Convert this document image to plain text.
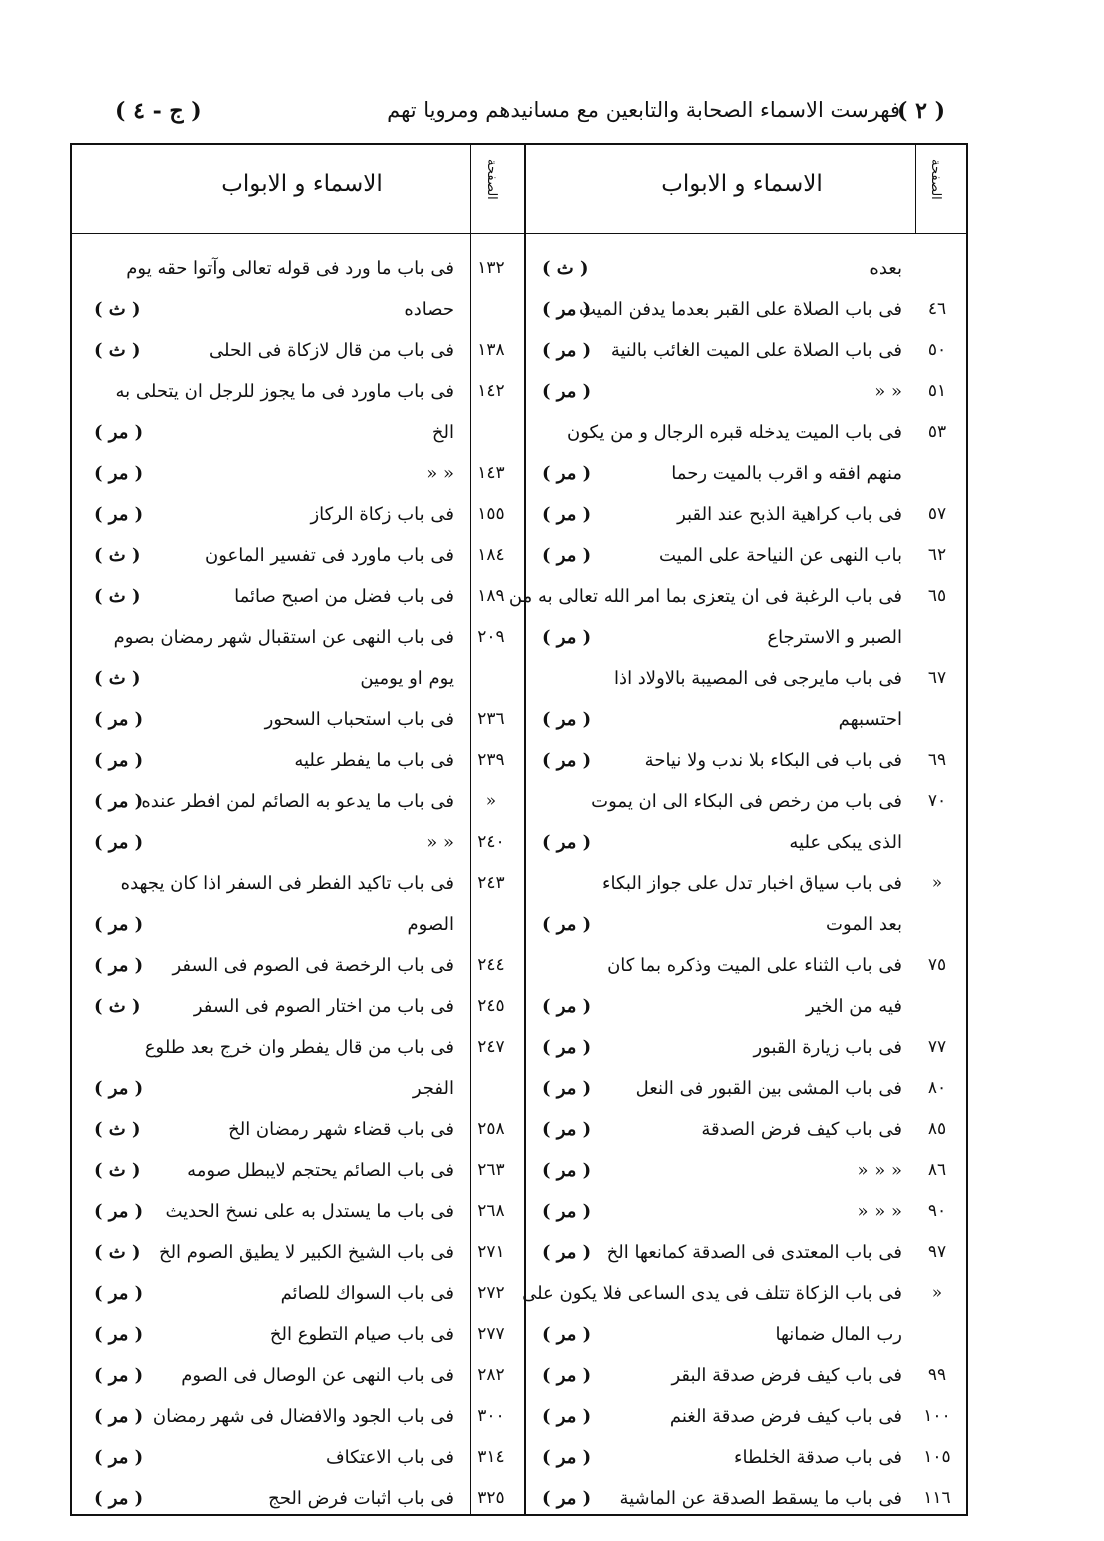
( ج - ٤ )	فهرست الاسماء الصحابة والتابعين مع مسانيدهم ومرويا تهم
( ۲ )
الصفحة
الاسماء و الابواب
الصفحة
الاسماء و الابواب
بعده
( ث )
٤٦
فی باب الصلاة علی القبر بعدما يدفن الميت
( مر )
٥٠
فی باب الصلاة علی الميت الغائب بالنية
( مر )
٥١
« «
( مر )
٥٣
فی باب الميت يدخله قبره الرجال و من يكون
منهم افقه و اقرب بالميت رحما
( مر )
٥٧
فی باب كراهية الذبح عند القبر
( مر )
٦٢
باب النهی عن النياحة علی الميت
( مر )
٦٥
فی باب الرغبة فی ان يتعزی بما امر الله تعالی به من
الصبر و الاسترجاع
( مر )
٦٧
فی باب مايرجی فی المصيبة بالاولاد اذا
احتسبهم
( مر )
٦٩
فی باب فی البكاء بلا ندب ولا نياحة
( مر )
٧٠
فی باب من رخص فی البكاء الی ان يموت
الذی يبكی عليه
( مر )
«
فی باب سياق اخبار تدل علی جواز البكاء
بعد الموت
( مر )
٧٥
فی باب الثناء علی الميت وذكره بما كان
فيه من الخير
( مر )
٧٧
فی باب زيارة القبور
( مر )
٨٠
فی باب المشی بين القبور فی النعل
( مر )
٨٥
فی باب كيف فرض الصدقة
( مر )
٨٦
« « «
( مر )
٩٠
« « «
( مر )
٩٧
فی باب المعتدی فی الصدقة كمانعها الخ
( مر )
«
فی باب الزكاة تتلف فی يدی الساعی فلا يكون علی
رب المال ضمانها
( مر )
٩٩
فی باب كيف فرض صدقة البقر
( مر )
١٠٠
فی باب كيف فرض صدقة الغنم
( مر )
١٠٥
فی باب صدقة الخلطاء
( مر )
١١٦
فی باب ما يسقط الصدقة عن الماشية
( مر )
١٣٢
فی باب ما ورد فی قوله تعالی وآتوا حقه يوم
حصاده
( ث )
١٣٨
فی باب من قال لازكاة فی الحلی
( ث )
١٤٢
فی باب ماورد فی ما يجوز للرجل ان يتحلی به
الخ
( مر )
١٤٣
« «
( مر )
١٥٥
فی باب زكاة الركاز
( مر )
١٨٤
فی باب ماورد فی تفسير الماعون
( ث )
١٨٩
فی باب فضل من اصبح صائما
( ث )
٢٠٩
فی باب النهی عن استقبال شهر رمضان بصوم
يوم او يومين
( ث )
٢٣٦
فی باب استحباب السحور
( مر )
٢٣٩
فی باب ما يفطر عليه
( مر )
«
فی باب ما يدعو به الصائم لمن افطر عنده
( مر )
٢٤٠
« «
( مر )
٢٤٣
فی باب تاكيد الفطر فی السفر اذا كان يجهده
الصوم
( مر )
٢٤٤
فی باب الرخصة فی الصوم فی السفر
( مر )
٢٤٥
فی باب من اختار الصوم فی السفر
( ث )
٢٤٧
فی باب من قال يفطر وان خرج بعد طلوع
الفجر
( مر )
٢٥٨
فی باب قضاء شهر رمضان الخ
( ث )
٢٦٣
فی باب الصائم يحتجم لايبطل صومه
( ث )
٢٦٨
فی باب ما يستدل به علی نسخ الحديث
( مر )
٢٧١
فی باب الشيخ الكبير لا يطيق الصوم الخ
( ث )
٢٧٢
فی باب السواك للصائم
( مر )
٢٧٧
فی باب صيام التطوع الخ
( مر )
٢٨٢
فی باب النهی عن الوصال فی الصوم
( مر )
٣٠٠
فی باب الجود والافضال فی شهر رمضان
( مر )
٣١٤
فی باب الاعتكاف
( مر )
٣٢٥
فی باب اثبات فرض الحج
( مر )
